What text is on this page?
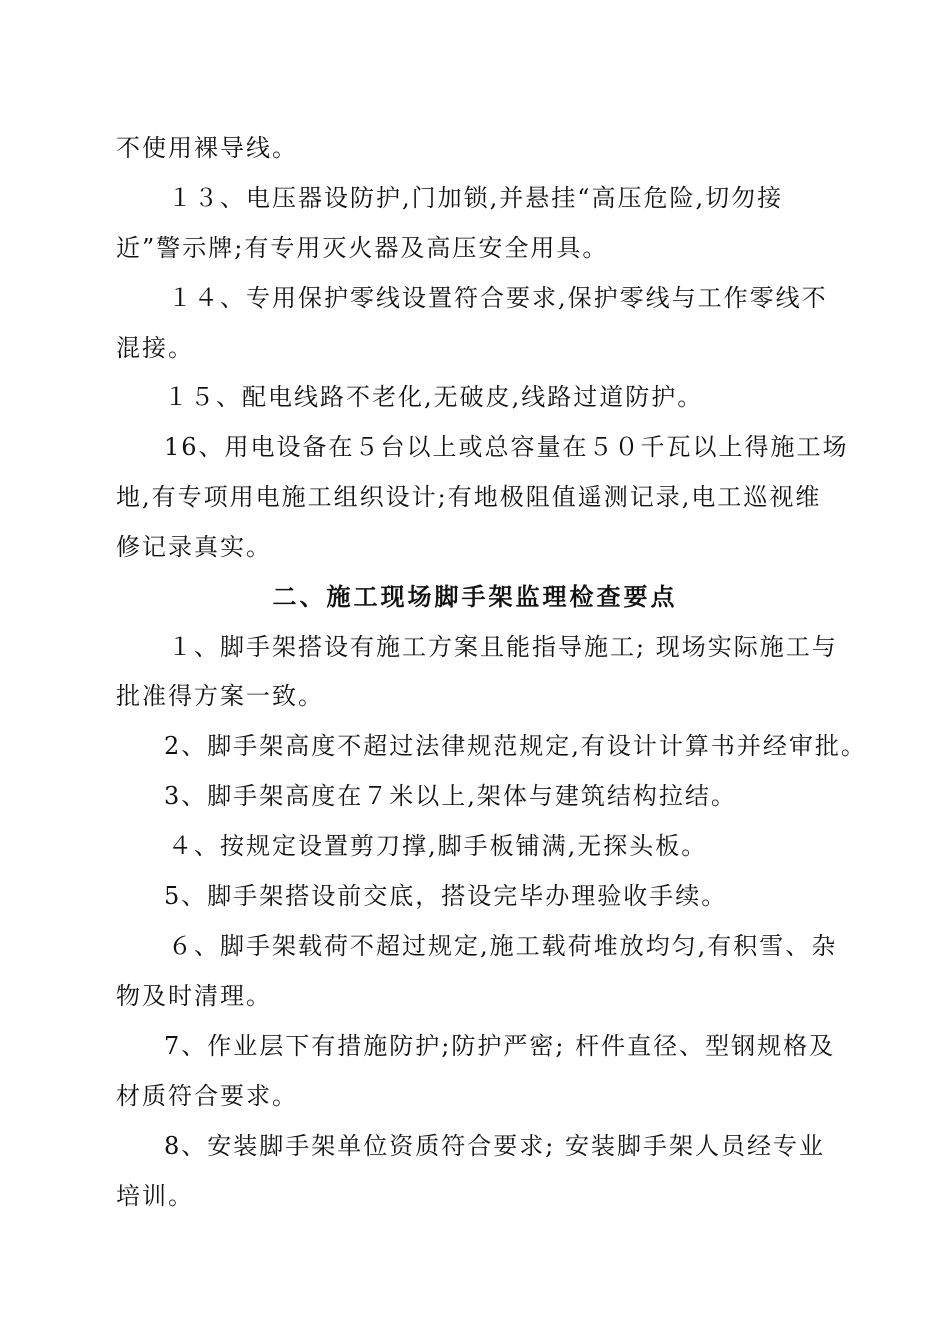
不使用裸导线。
１３、电压器设防护,门加锁,并悬挂“高压危险,切勿接
近”警示牌;有专用灭火器及高压安全用具。
１４、专用保护零线设置符合要求,保护零线与工作零线不
混接。
１５、配电线路不老化,无破皮,线路过道防护。
16、用电设备在５台以上或总容量在５０千瓦以上得施工场
地,有专项用电施工组织设计;有地极阻值遥测记录,电工巡视维
修记录真实。
二、施工现场脚手架监理检查要点
１、脚手架搭设有施工方案且能指导施工; 现场实际施工与
批准得方案一致。
2、脚手架高度不超过法律规范规定,有设计计算书并经审批。
3、脚手架高度在７米以上,架体与建筑结构拉结。
４、按规定设置剪刀撑,脚手板铺满,无探头板。
5、脚手架搭设前交底，搭设完毕办理验收手续。
６、脚手架载荷不超过规定,施工载荷堆放均匀,有积雪、杂
物及时清理。
7、作业层下有措施防护;防护严密; 杆件直径、型钢规格及
材质符合要求。
8、安装脚手架单位资质符合要求; 安装脚手架人员经专业
培训。
